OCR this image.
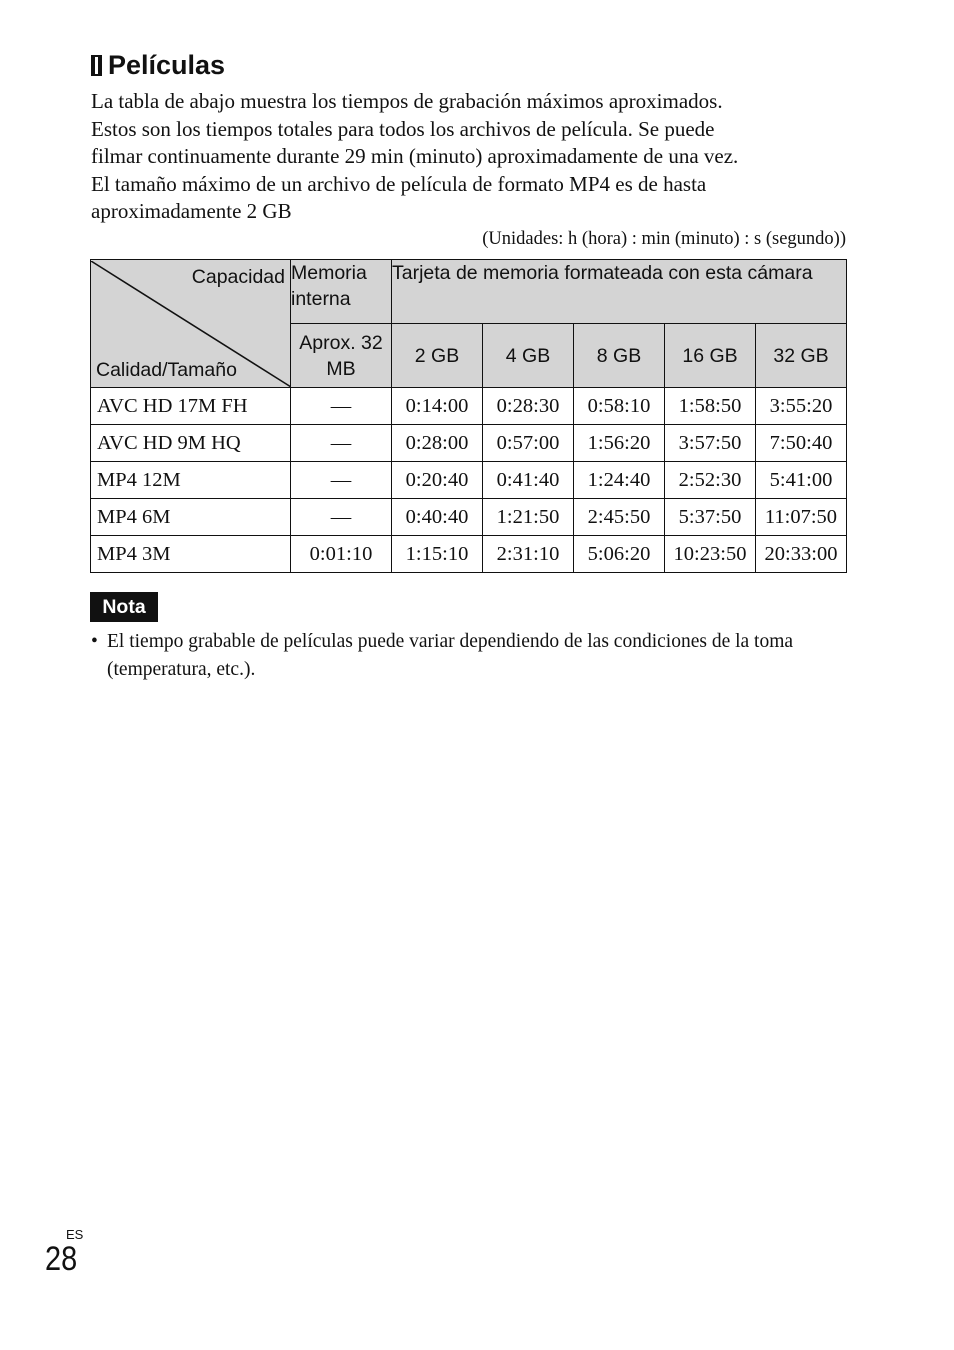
Películas

La tabla de abajo muestra los tiempos de grabación máximos aproximados.

Estos son los tiempos totales para todos los archivos de película. Se puede

filmar continuamente durante 29 min (minuto) aproximadamente de una vez.

El tamaño máximo de un archivo de película de formato MP4 es de hasta

aproximadamente 2 GB

(Unidades: h (hora) : min (minuto) : s (segundo))
Capacidad
Calidad/Tamaño	Memoria interna	Tarjeta de memoria formateada con esta cámara				
	Aprox. 32 MB	2 GB	4 GB	8 GB	16 GB	32 GB
AVC HD 17M FH	—	0:14:00	0:28:30	0:58:10	1:58:50	3:55:20
AVC HD 9M HQ	—	0:28:00	0:57:00	1:56:20	3:57:50	7:50:40
MP4 12M	—	0:20:40	0:41:40	1:24:40	2:52:30	5:41:00
MP4 6M	—	0:40:40	1:21:50	2:45:50	5:37:50	11:07:50
MP4 3M	0:01:10	1:15:10	2:31:10	5:06:20	10:23:50	20:33:00
Nota
• El tiempo grabable de películas puede variar dependiendo de las condiciones de la toma (temperatura, etc.).
ES
28
